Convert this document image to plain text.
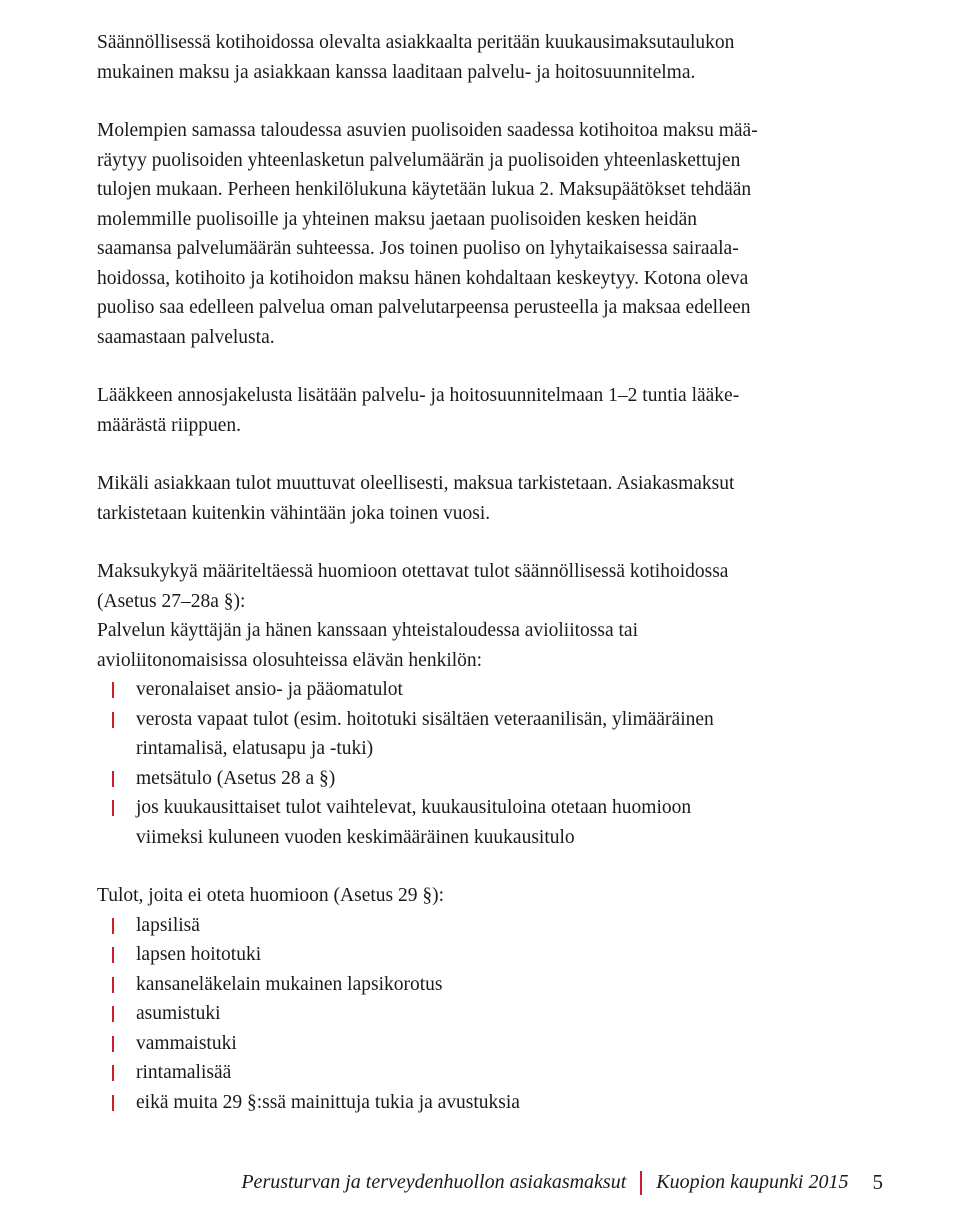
Säännöllisessä kotihoidossa olevalta asiakkaalta peritään kuukausimaksutaulukon
mukainen maksu ja asiakkaan kanssa laaditaan palvelu- ja hoitosuunnitelma.

Molempien samassa taloudessa asuvien puolisoiden saadessa kotihoitoa maksu mää-
räytyy puolisoiden yhteenlasketun palvelumäärän ja puolisoiden yhteenlaskettujen
tulojen mukaan. Perheen henkilölukuna käytetään lukua 2. Maksupäätökset tehdään
molemmille puolisoille ja yhteinen maksu jaetaan puolisoiden kesken heidän
saamansa palvelumäärän suhteessa. Jos toinen puoliso on lyhytaikaisessa sairaala-
hoidossa, kotihoito ja kotihoidon maksu hänen kohdaltaan keskeytyy. Kotona oleva
puoliso saa edelleen palvelua oman palvelutarpeensa perusteella ja maksaa edelleen
saamastaan palvelusta.

Lääkkeen annosjakelusta lisätään palvelu- ja hoitosuunnitelmaan 1–2 tuntia lääke-
määrästä riippuen.

Mikäli asiakkaan tulot muuttuvat oleellisesti, maksua tarkistetaan. Asiakasmaksut
tarkistetaan kuitenkin vähintään joka toinen vuosi.

Maksukykyä määriteltäessä huomioon otettavat tulot säännöllisessä kotihoidossa
(Asetus 27–28a §):

Palvelun käyttäjän ja hänen kanssaan yhteistaloudessa avioliitossa tai
avioliitonomaisissa olosuhteissa elävän henkilön:

veronalaiset ansio- ja pääomatulot
verosta vapaat tulot (esim. hoitotuki sisältäen veteraanilisän, ylimääräinen
rintamalisä, elatusapu ja -tuki)
metsätulo (Asetus 28 a §)
jos kuukausittaiset tulot vaihtelevat, kuukausituloina otetaan huomioon
viimeksi kuluneen vuoden keskimääräinen kuukausitulo

Tulot, joita ei oteta huomioon (Asetus 29 §):

lapsilisä
lapsen hoitotuki
kansaneläkelain mukainen lapsikorotus
asumistuki
vammaistuki
rintamalisää
eikä muita 29 §:ssä mainittuja tukia ja avustuksia
Perusturvan ja terveydenhuollon asiakasmaksut Kuopion kaupunki 2015 5
